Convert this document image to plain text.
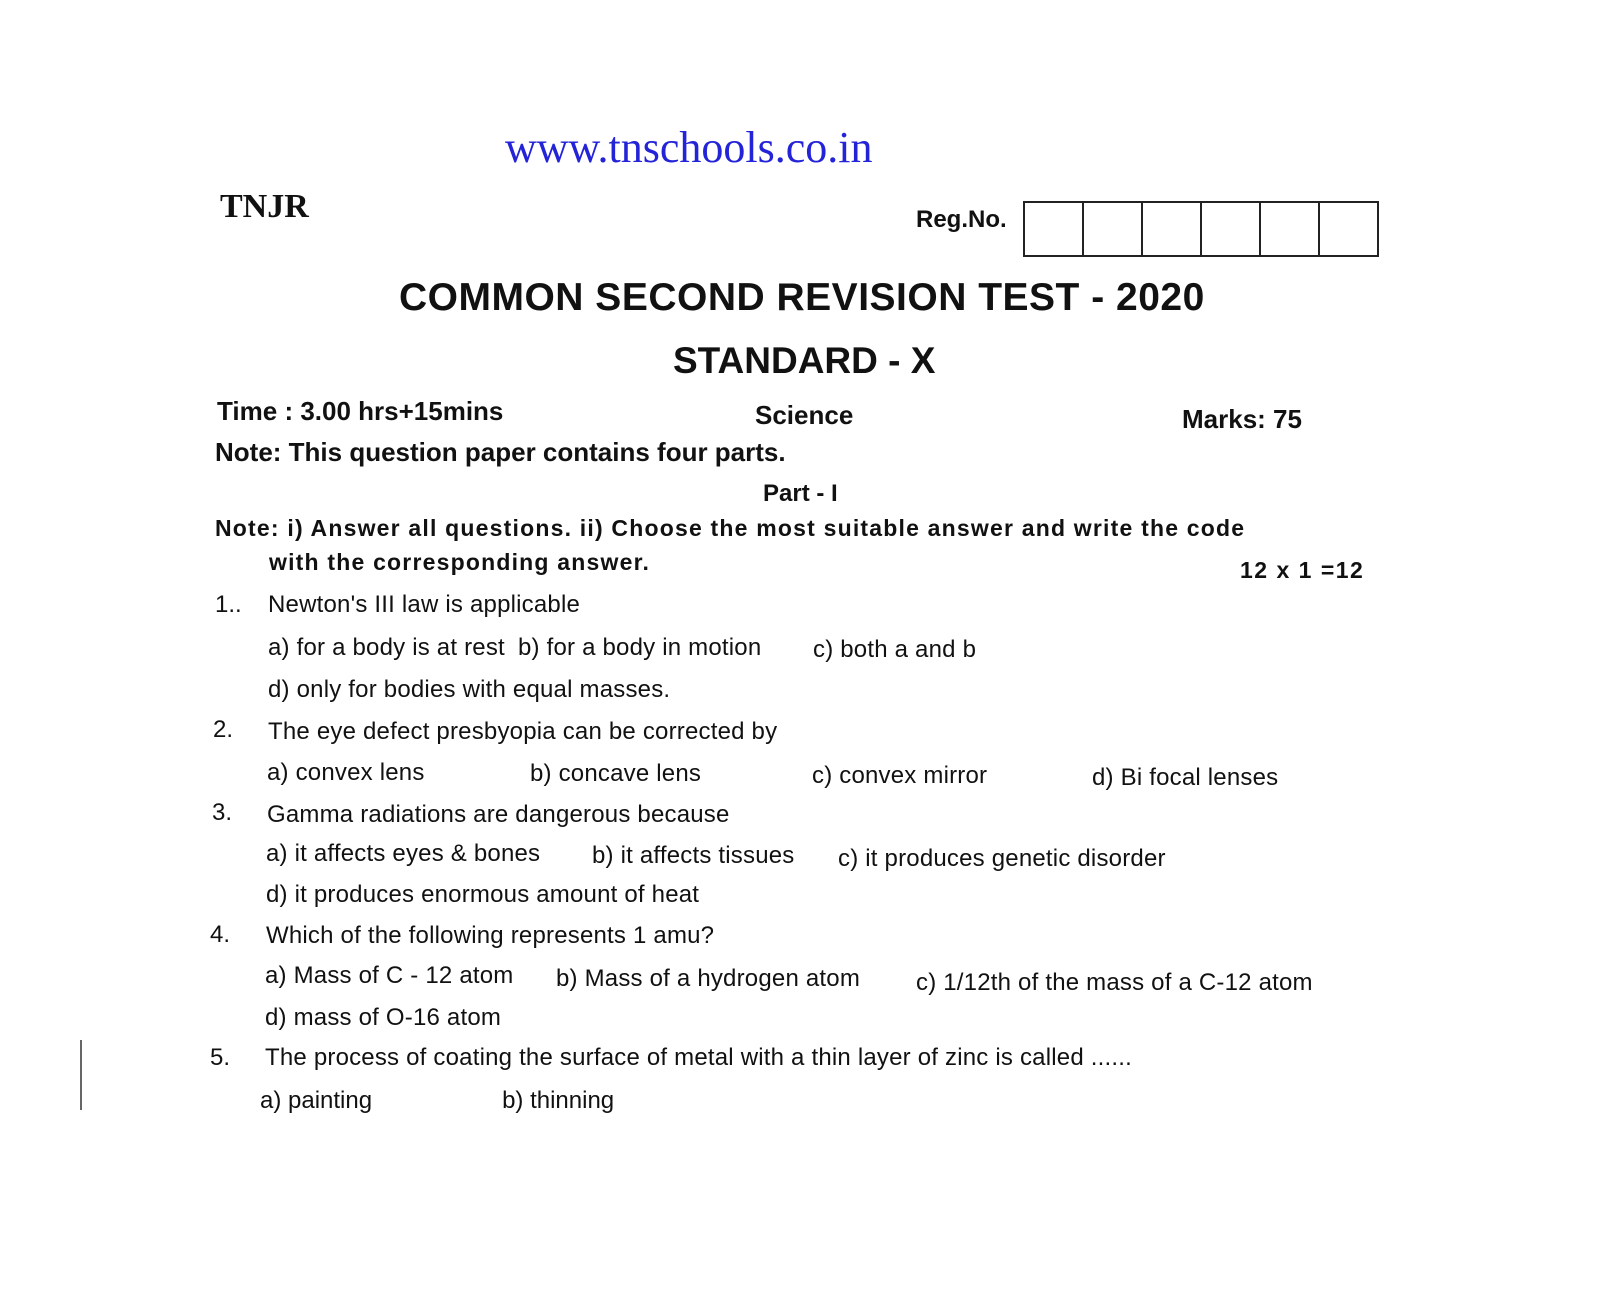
www.tnschools.co.in
TNJR	Reg.No.
COMMON SECOND REVISION TEST - 2020
STANDARD - X
Time : 3.00 hrs+15mins	Science	Marks: 75
Note: This question paper contains four parts.
Part - I
Note: i) Answer all questions. ii) Choose the most suitable answer and write the code
with the corresponding answer.	12 x 1 =12
1.. Newton's III law is applicable
a) for a body is at rest b) for a body in motion c) both a and b
d) only for bodies with equal masses.
2. The eye defect presbyopia can be corrected by
a) convex lens	b) concave lens	c) convex mirror	d) Bi focal lenses
3. Gamma radiations are dangerous because
a) it affects eyes & bones b) it affects tissues c) it produces genetic disorder
d) it produces enormous amount of heat
4. Which of the following represents 1 amu?
a) Mass of C - 12 atom b) Mass of a hydrogen atom c) 1/12th of the mass of a C-12 atom
d) mass of O-16 atom
5. The process of coating the surface of metal with a thin layer of zinc is called ......
a) painting	b) thinning
